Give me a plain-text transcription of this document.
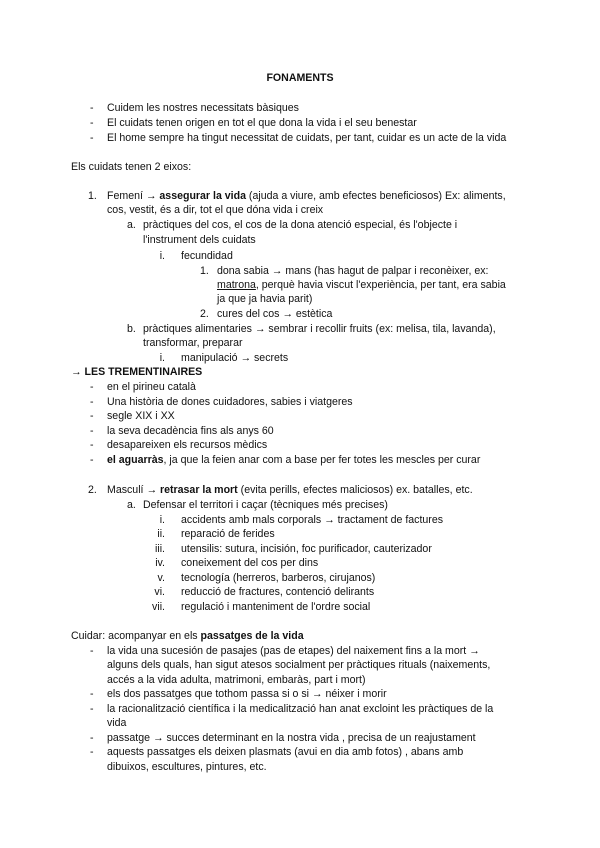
FONAMENTS
- Cuidem les nostres necessitats bàsiques
- El cuidats tenen origen en tot el que dona la vida i el seu benestar
- El home sempre ha tingut necessitat de cuidats, per tant, cuidar es un acte de la vida
Els cuidats tenen 2 eixos:
1. Femení → assegurar la vida (ajuda a viure, amb efectes beneficiosos) Ex: aliments,
cos, vestit, és a dir, tot el que dóna vida i creix
a. pràctiques del cos, el cos de la dona atenció especial, és l'objecte i
l'instrument dels cuidats
i. fecundidad
1. dona sabia → mans (has hagut de palpar i reconèixer, ex:
matrona, perquè havia viscut l'experiència, per tant, era sabia
ja que ja havia parit)
2. cures del cos → estètica
b. pràctiques alimentaries → sembrar i recollir fruits (ex: melisa, tila, lavanda),
transformar, preparar
i. manipulació → secrets
→ LES TREMENTINAIRES
- en el pirineu català
- Una història de dones cuidadores, sabies i viatgeres
- segle XIX i XX
- la seva decadència fins als anys 60
- desapareixen els recursos mèdics
- el aguarràs, ja que la feien anar com a base per fer totes les mescles per curar
2. Masculí → retrasar la mort (evita perills, efectes maliciosos) ex. batalles, etc.
a. Defensar el territori i caçar (tècniques més precises)
i. accidents amb mals corporals → tractament de factures
ii. reparació de ferides
iii. utensilis: sutura, incisión, foc purificador, cauterizador
iv. coneixement del cos per dins
v. tecnología (herreros, barberos, cirujanos)
vi. reducció de fractures, contenció delirants
vii. regulació i manteniment de l'ordre social
Cuidar: acompanyar en els passatges de la vida
- la vida una sucesión de pasajes (pas de etapes) del naixement fins a la mort →
alguns dels quals, han sigut atesos socialment per pràctiques rituals (naixements,
accés a la vida adulta, matrimoni, embaràs, part i mort)
- els dos passatges que tothom passa si o si → néixer i morir
- la racionalització científica i la medicalització han anat excloint les pràctiques de la
vida
- passatge → succes determinant en la nostra vida , precisa de un reajustament
- aquests passatges els deixen plasmats (avui en dia amb fotos) , abans amb
dibuixos, escultures, pintures, etc.
